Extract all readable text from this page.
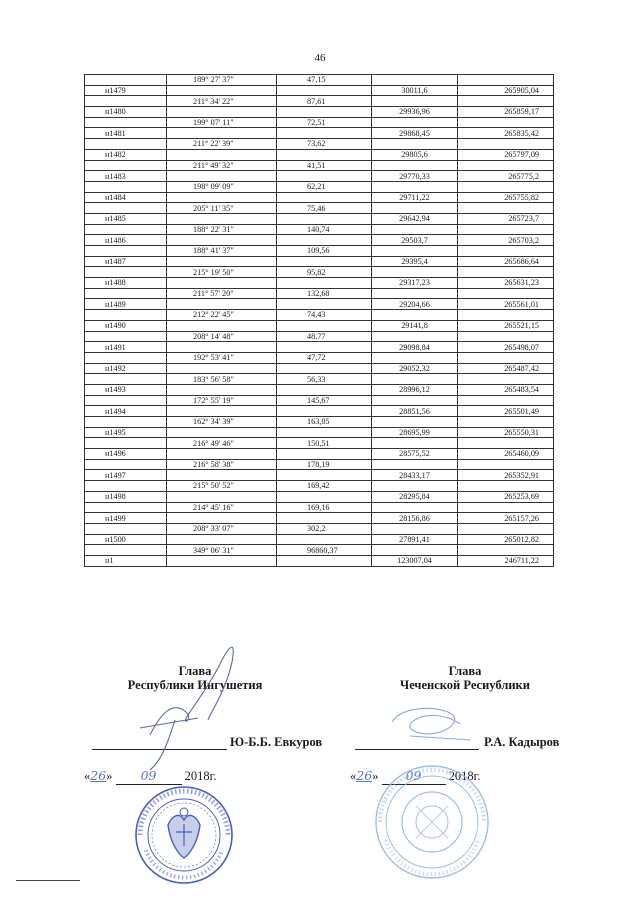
46
	189° 27' 37"	47,15		
н1479			30011,6	265905,04
	211° 34' 22"	87,61		
н1480			29936,96	265859,17
	199° 07' 11"	72,51		
н1481			29868,45	265835,42
	211° 22' 39"	73,62		
н1482			29805,6	265797,09
	211° 49' 32"	41,51		
н1483			29770,33	265775,2
	198° 09' 09"	62,21		
н1484			29711,22	265755,82
	205° 11' 35"	75,46		
н1485			29642,94	265723,7
	188° 22' 31"	140,74		
н1486			29503,7	265703,2
	188° 41' 37"	109,56		
н1487			29395,4	265686,64
	215° 19' 50"	95,82		
н1488			29317,23	265631,23
	211° 57' 20"	132,68		
н1489			29204,66	265561,01
	212° 22' 45"	74,43		
н1490			29141,8	265521,15
	208° 14' 48"	48,77		
н1491			29098,84	265498,07
	192° 53' 41"	47,72		
н1492			29052,32	265487,42
	183° 56' 58"	56,33		
н1493			28996,12	265483,54
	172° 55' 19"	145,67		
н1494			28851,56	265501,49
	162° 34' 39"	163,05		
н1495			28695,99	265550,31
	216° 49' 46"	150,51		
н1496			28575,52	265460,09
	216° 58' 38"	178,19		
н1497			28433,17	265352,91
	215° 50' 52"	169,42		
н1498			28295,84	265253,69
	214° 45' 16"	169,16		
н1499			28156,86	265157,26
	208° 33' 07"	302,2		
н1500			27891,41	265012,82
	349° 06' 31"	96860,37		
н1			123007,04	246711,22
Глава
Республики Ингушетия
Ю-Б.Б. Евкуров
«26» 09 2018г.
Глава
Чеченской Ресиублики
Р.А. Кадыров
«26» 09 2018г.
